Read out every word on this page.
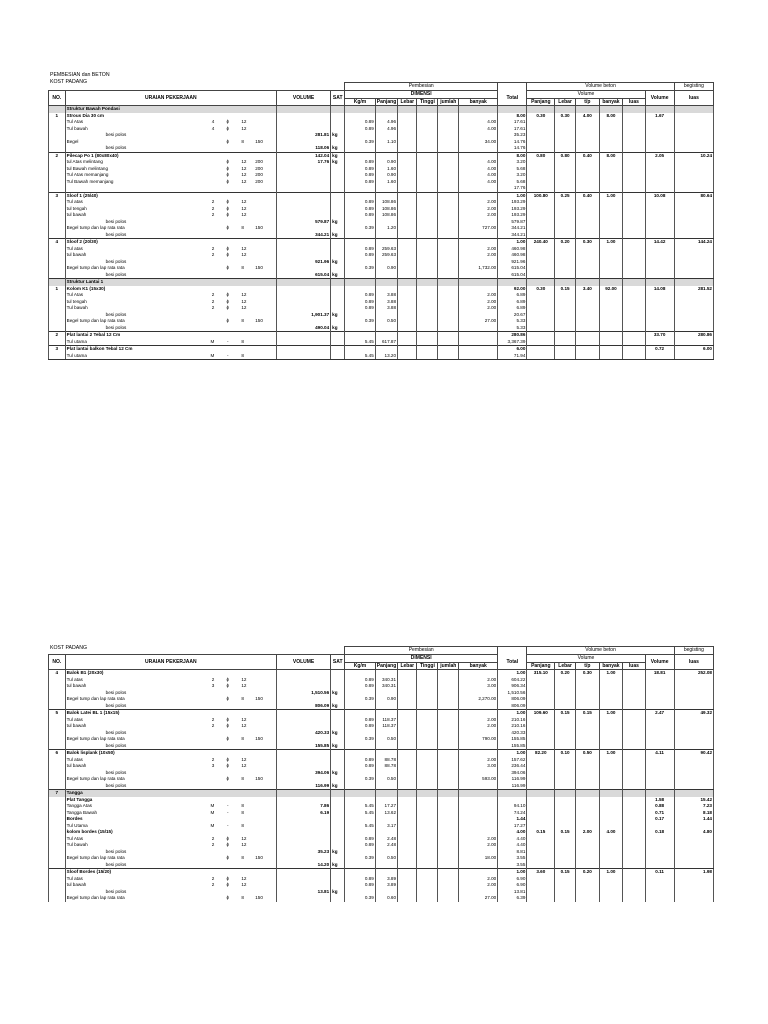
PEMBESIAN dan BETON
KOST PADANG
								Pembesian							Volume beton						begisting
NO.	URAIAN PEKERJAAN					VOLUME	SAT	DIMENSI						Total	Volume					Volume	luas
								Kg/m	Panjang	Lebar	Tinggi	jumlah	banyak		Panjang	Lebar	t/p	banyak	luas		
	Struktur Bawah Pondasi																				
1	Strous Dia 30 cm													8.00	0.30	0.30	4.00	8.00		1.67	
	Tul Atas	4	ɸ	12				0.89	4.96				4.00	17.61							
	Tul bawah	4	ɸ	12				0.89	4.96				4.00	17.61							
	besi polos					281.81	kg							35.23							
	Begel		ɸ	8	150			0.39	1.10				34.00	14.76							
	besi polos					118.06	kg							14.76							
2	Pilecap Po 1 (80x80x40)					142.04	kg							8.00	0.80	0.80	0.40	8.00		2.05	10.24
	tul Atas melintang		ɸ	12	200	17.76	kg	0.89	0.90				4.00	3.20							
	tul Bawah melintang		ɸ	12	200			0.89	1.60				4.00	5.68							
	Tul Atas memanjang		ɸ	12	200			0.89	0.90				4.00	3.20							
	Tul Bawah memanjang		ɸ	12	200			0.89	1.60				4.00	5.68							
														17.76							
3	Sloof 1 (25/40)													1.00	100.80	0.25	0.40	1.00		10.08	80.64
	Tul atas	2	ɸ	12				0.89	108.86				2.00	193.29							
	tul tengah	2	ɸ	12				0.89	108.86				2.00	193.29							
	tul bawah	2	ɸ	12				0.89	108.86				2.00	193.29							
	besi polos					579.87	kg							579.87							
	Begel tump dan lap rata rata		ɸ	8	150			0.39	1.20				727.00	344.21							
	besi polos					344.21	kg							344.21							
4	Sloof 2 (20/30)													1.00	240.40	0.20	0.30	1.00		14.42	144.24
	Tul atas	2	ɸ	12				0.89	259.63				2.00	460.98							
	tul bawah	2	ɸ	12				0.89	259.63				2.00	460.98							
	besi polos					921.96	kg							921.96							
	Begel tump dan lap rata rata		ɸ	8	150			0.39	0.90				1,732.00	615.04							
	besi polos					615.04	kg							615.04							
	Struktur Lantai 1																				
1	Kolom K1 (15x30)													92.00	0.30	0.15	3.40	92.00		14.08	281.52
	Tul Atas	2	ɸ	12				0.89	3.88				2.00	6.89							
	tul tengah	2	ɸ	12				0.89	3.88				2.00	6.89							
	Tul bawah	2	ɸ	12				0.89	3.88				2.00	6.89							
	besi polos					1,901.37	kg							20.67							
	Begel tump dan lap rata rata		ɸ	8	150			0.39	0.50				27.00	5.33							
	besi polos					490.04	kg							5.33							
2	Plat lantai 2 Tebal 12 Cm													280.86						33.70	280.86
	Tul utama	M	-	8				5.45	617.87					3,367.39							
3	Plat lantai balkon Tebal 12 Cm													6.00						0.72	6.00
	Tul utama	M	-	8				5.45	13.20					71.94							
KOST PADANG
								Pembesian							Volume beton						begisting
NO.	URAIAN PEKERJAAN					VOLUME	SAT	DIMENSI						Total	Volume					Volume	luas
								Kg/m	Panjang	Lebar	Tinggi	jumlah	banyak		Panjang	Lebar	t/p	banyak	luas		
4	Balok B1 (20x30)													1.00	315.10	0.20	0.30	1.00		18.81	252.08
	Tul atas	2	ɸ	12				0.89	340.31				2.00	604.22							
	tul bawah	3	ɸ	12				0.89	340.31				3.00	906.34							
	besi polos					1,510.56	kg							1,510.56							
	Begel tump dan lap rata rata		ɸ	8	150			0.39	0.90				2,270.00	806.09							
	besi polos					806.09	kg							806.09							
5	Balok Latei BL 1 (15x15)													1.00	109.60	0.15	0.15	1.00		2.47	49.32
	Tul atas	2	ɸ	12				0.89	118.37				2.00	210.16							
	tul bawah	2	ɸ	12				0.89	118.37				2.00	210.16							
	besi polos					420.33	kg							420.33							
	Begel tump dan lap rata rata		ɸ	8	150			0.39	0.50				790.00	155.85							
	besi polos					155.85	kg							155.85							
6	Balok lisplank (10x50)													1.00	82.20	0.10	0.50	1.00		4.11	90.42
	Tul atas	2	ɸ	12				0.89	88.78				2.00	157.62							
	tul bawah	3	ɸ	12				0.89	88.78				3.00	236.44							
	besi polos					394.06	kg							394.06							
	Begel tump dan lap rata rata		ɸ	8	150			0.39	0.50				593.00	116.99							
	besi polos					116.99	kg							116.99							
7	Tangga																				
	Plat Tangga																			1.58	15.42
	Tangga Atas	M	-	8		7.86		5.45	17.27					94.10						0.88	7.23
	Tangga Bawah	M	-	8		6.19		5.45	13.62					74.24						0.71	8.18
	Bordes													1.44						0.17	1.44
	Tul Utama	M	-	8				5.45	3.17					17.27							
	kolom bordes (15/15)													4.00	0.15	0.15	2.00	4.00		0.18	4.80
	Tul Atas	2	ɸ	12				0.89	2.48				2.00	4.40							
	Tul bawah	2	ɸ	12				0.89	2.48				2.00	4.40							
	besi polos					35.23	kg							8.81							
	Begel tump dan lap rata rata		ɸ	8	150			0.39	0.50				18.00	3.55							
	besi polos					14.20	kg							3.55							
	Sloof Bordes (15/20)													1.00	3.60	0.15	0.20	1.00		0.11	1.98
	Tul atas	2	ɸ	12				0.89	3.89				2.00	6.90							
	tul bawah	2	ɸ	12				0.89	3.89				2.00	6.90							
	besi polos					13.81	kg							13.81							
	Begel tump dan lap rata rata		ɸ	8	150			0.39	0.60				27.00	6.39							
